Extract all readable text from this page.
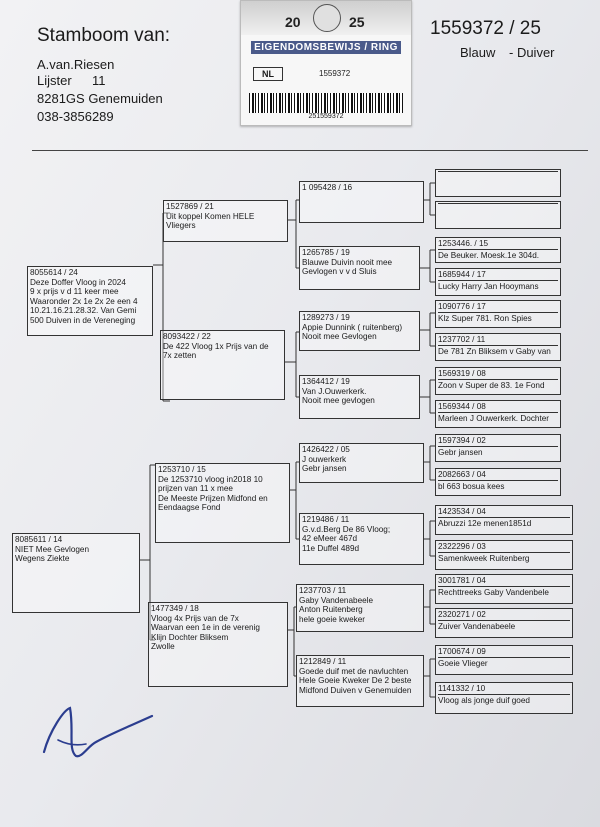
Stamboom van:
A.van.Riesen
Lijster 11
8281GS Genemuiden
038-3856289
1559372 / 25
Blauw - Duiver
20	25
EIGENDOMSBEWIJS / RING
NL	1559372
251559372
8055614 / 24
Deze Doffer Vloog in 2024
9 x prijs v d 11 keer mee
Waaronder 2x 1e 2x 2e een 4
10.21.16.21.28.32. Van Gemi
500 Duiven in de Vereneging
8085611 / 14
NIET Mee Gevlogen
Wegens Ziekte
1527869 / 21
Uit koppel Komen HELE
Vliegers
8093422 / 22
De 422 Vloog 1x Prijs van de
7x zetten
1253710 / 15
De 1253710 vloog in2018 10
prijzen van 11 x mee
De Meeste Prijzen Midfond en
Eendaagse Fond
1477349 / 18
Vloog 4x Prijs van de 7x
Waarvan een 1e in de verenig
Klijn Dochter Bliksem
Zwolle
1 095428 / 16
1265785 / 19
Blauwe Duivin nooit mee
Gevlogen v v d Sluis
1289273 / 19
Appie Dunnink ( ruitenberg)
Nooit mee Gevlogen
1364412 / 19
Van J.Ouwerkerk.
Nooit mee gevlogen
1426422 / 05
J ouwerkerk
Gebr jansen
1219486 / 11
G.v.d.Berg De 86 Vloog;
42 eMeer 467d
11e Duffel 489d
1237703 / 11
Gaby Vandenabeele
Anton Ruitenberg
hele goeie kweker
1212849 / 11
Goede duif met de navluchten
Hele Goeie Kweker De 2 beste
Midfond Duiven v Genemuiden
1253446. / 15
De Beuker. Moesk.1e 304d.
1685944 / 17
Lucky Harry Jan Hooymans
1090776 / 17
Klz Super 781. Ron Spies
1237702 / 11
De 781 Zn Bliksem v Gaby van
1569319 / 08
Zoon v Super de 83. 1e Fond
1569344 / 08
Marleen J Ouwerkerk. Dochter
1597394 / 02
Gebr jansen
2082663 / 04
bl 663 bosua kees
1423534 / 04
Abruzzi 12e menen1851d
2322296 / 03
Samenkweek Ruitenberg
3001781 / 04
Rechttreeks Gaby Vandenbele
2320271 / 02
Zuiver Vandenabeele
1700674 / 09
Goeie Vlieger
1141332 / 10
Vloog als jonge duif goed
